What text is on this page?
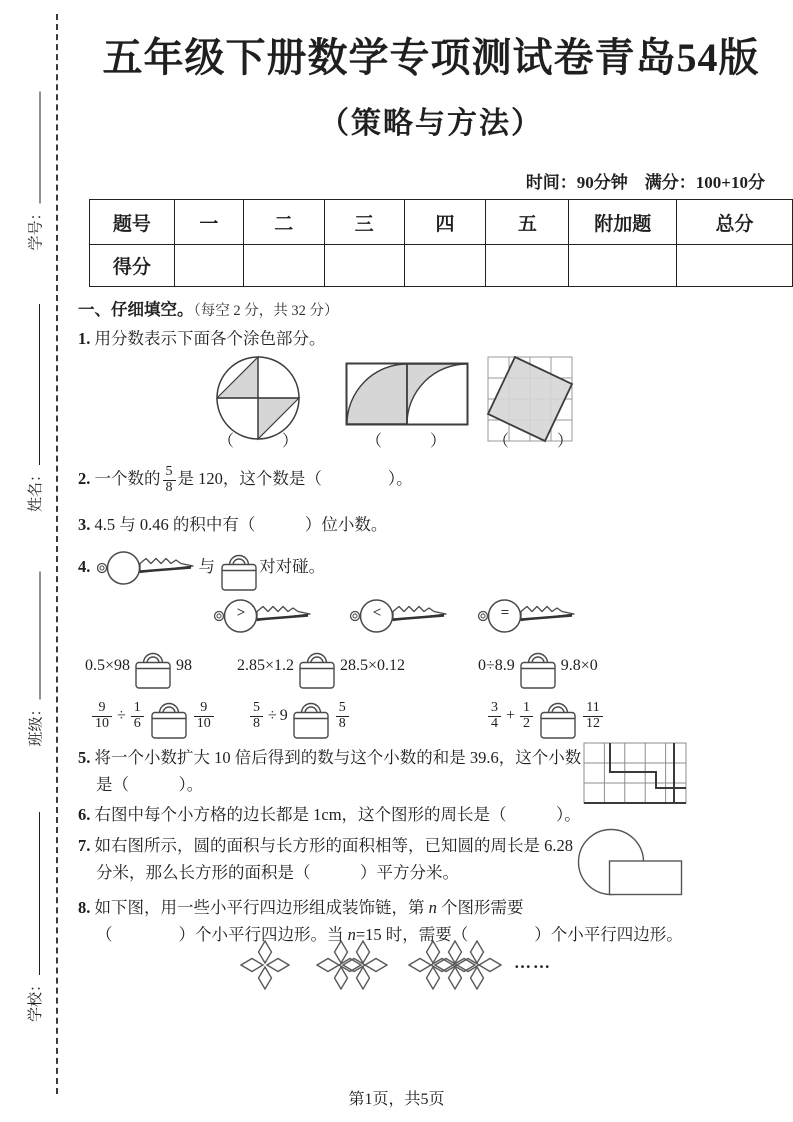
学号：
姓名：
班级：
学校：
五年级下册数学专项测试卷青岛54版
（策略与方法）
时间：90分钟　满分：100+10分
题号	一	二	三	四	五	附加题	总分
得分							
一、仔细填空。（每空 2 分，共 32 分）
1. 用分数表示下面各个涂色部分。
（　　　）	（　　　）	（　　　）
2. 一个数的 $\frac{5}{8}$ 是 120，这个数是（　　　　）。
3. 4.5 与 0.46 的积中有（　　　）位小数。
4.	与	对对碰。
>	<	=
0.5×98	98	2.85×1.2	28.5×0.12	0÷8.9	9.8×0
$\frac{9}{10} \div \frac{1}{6}$	$\frac{9}{10}$	$\frac{5}{8} \div 9$	$\frac{5}{8}$	$\frac{3}{4} + \frac{1}{2}$	$\frac{11}{12}$
5. 将一个小数扩大 10 倍后得到的数与这个小数的和是 39.6，这个小数
是（　　　）。
6. 右图中每个小方格的边长都是 1cm，这个图形的周长是（　　　）。
7. 如右图所示，圆的面积与长方形的面积相等，已知圆的周长是 6.28
分米，那么长方形的面积是（　　　）平方分米。
8. 如下图，用一些小平行四边形组成装饰链，第 n 个图形需要
（　　　　）个小平行四边形。当 n=15 时，需要（　　　　）个小平行四边形。
……
第1页，共5页
